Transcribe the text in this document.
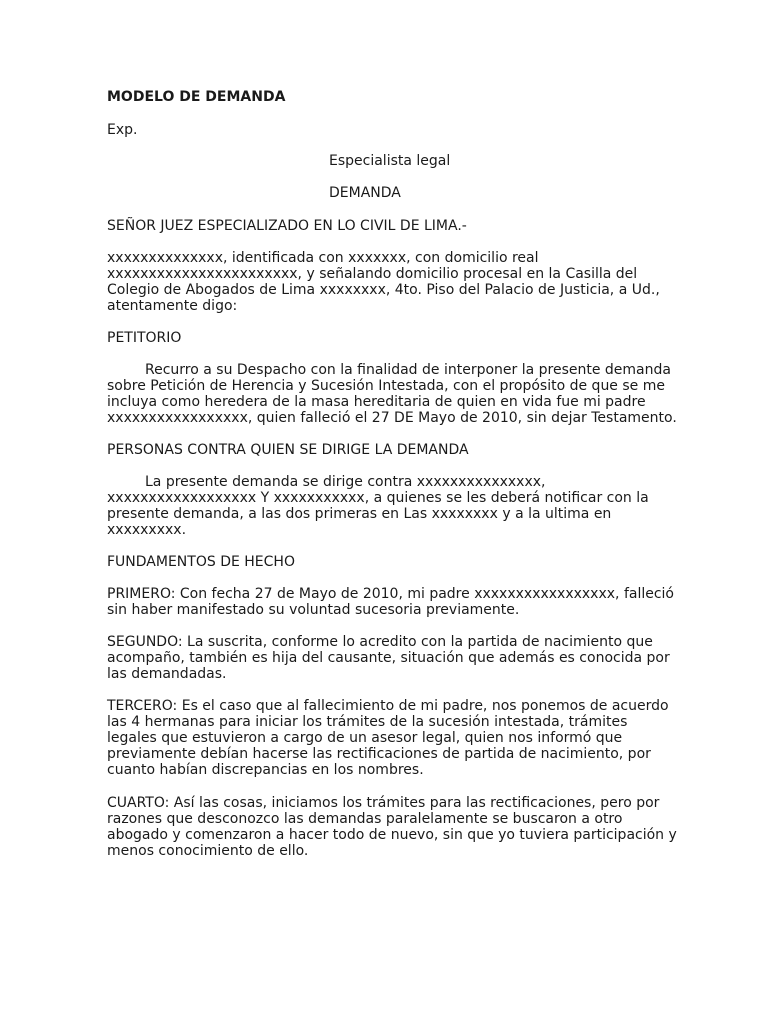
MODELO DE DEMANDA
Exp.
Especialista legal
DEMANDA
SEÑOR JUEZ ESPECIALIZADO EN LO CIVIL DE LIMA.-
xxxxxxxxxxxxxx, identificada con xxxxxxx, con domicilio real
xxxxxxxxxxxxxxxxxxxxxxx, y señalando domicilio procesal en la Casilla del
Colegio de Abogados de Lima xxxxxxxx, 4to. Piso del Palacio de Justicia, a Ud.,
atentamente digo:
PETITORIO
Recurro a su Despacho con la finalidad de interponer la presente demanda
sobre Petición de Herencia y Sucesión Intestada, con el propósito de que se me
incluya como heredera de la masa hereditaria de quien en vida fue mi padre
xxxxxxxxxxxxxxxxx, quien falleció el 27 DE Mayo de 2010, sin dejar Testamento.
PERSONAS CONTRA QUIEN SE DIRIGE LA DEMANDA
La presente demanda se dirige contra xxxxxxxxxxxxxxx,
xxxxxxxxxxxxxxxxxx Y xxxxxxxxxxx, a quienes se les deberá notificar con la
presente demanda, a las dos primeras en Las xxxxxxxx y a la ultima en
xxxxxxxxx.
FUNDAMENTOS DE HECHO
PRIMERO: Con fecha 27 de Mayo de 2010, mi padre xxxxxxxxxxxxxxxxx, falleció
sin haber manifestado su voluntad sucesoria previamente.
SEGUNDO: La suscrita, conforme lo acredito con la partida de nacimiento que
acompaño, también es hija del causante, situación que además es conocida por
las demandadas.
TERCERO: Es el caso que al fallecimiento de mi padre, nos ponemos de acuerdo
las 4 hermanas para iniciar los trámites de la sucesión intestada, trámites
legales que estuvieron a cargo de un asesor legal, quien nos informó que
previamente debían hacerse las rectificaciones de partida de nacimiento, por
cuanto habían discrepancias en los nombres.
CUARTO: Así las cosas, iniciamos los trámites para las rectificaciones, pero por
razones que desconozco las demandas paralelamente se buscaron a otro
abogado y comenzaron a hacer todo de nuevo, sin que yo tuviera participación y
menos conocimiento de ello.
